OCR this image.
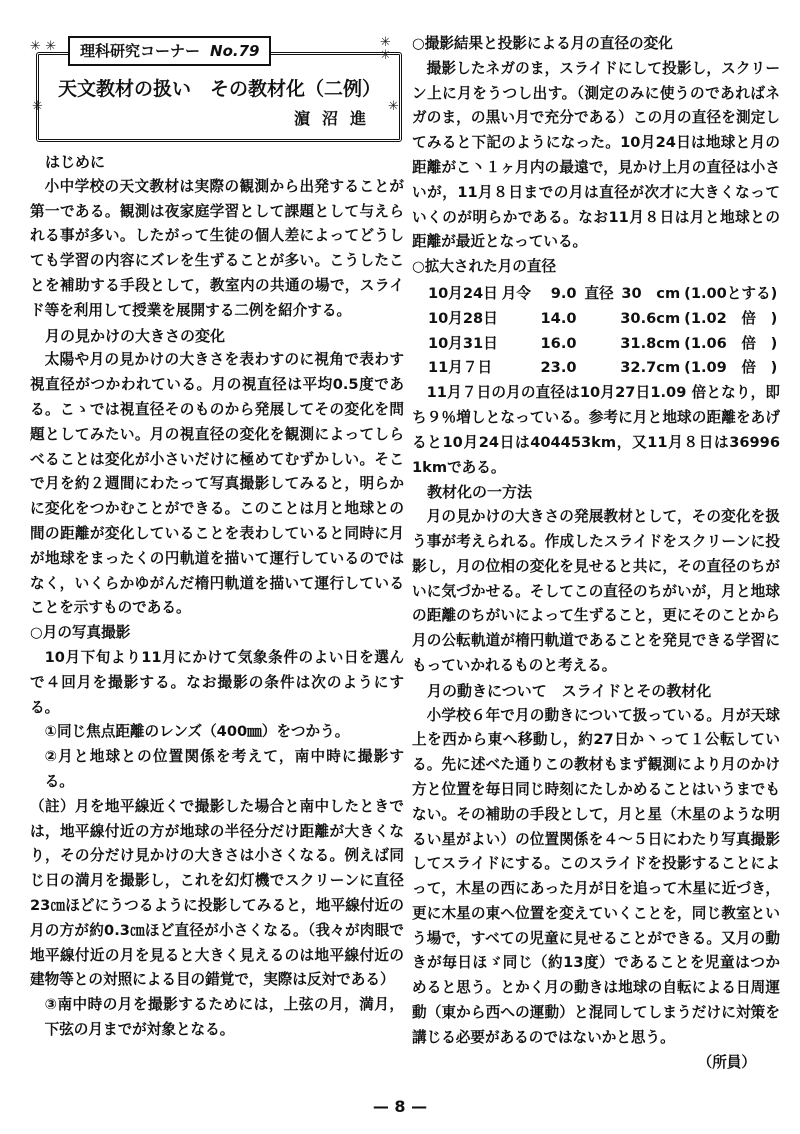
✳ ✳	✳ ✳
✳	✳
理科研究コーナー No.79
天文教材の扱い　その教材化（二例）
濵沼進

はじめに

小中学校の天文教材は実際の観測から出発することが第一である。観測は夜家庭学習として課題として与えられる事が多い。したがって生徒の個人差によってどうしても学習の内容にズレを生ずることが多い。こうしたことを補助する手段として，教室内の共通の場で，スライド等を利用して授業を展開する二例を紹介する。

月の見かけの大きさの変化

太陽や月の見かけの大きさを表わすのに視角で表わす視直径がつかわれている。月の視直径は平均0.5度である。こゝでは視直径そのものから発展してその変化を問題としてみたい。月の視直径の変化を観測によってしらべることは変化が小さいだけに極めてむずかしい。そこで月を約２週間にわたって写真撮影してみると，明らかに変化をつかむことができる。このことは月と地球との間の距離が変化していることを表わしていると同時に月が地球をまったくの円軌道を描いて運行しているのではなく，いくらかゆがんだ楕円軌道を描いて運行していることを示すものである。

○月の写真撮影

10月下旬より11月にかけて気象条件のよい日を選んで４回月を撮影する。なお撮影の条件は次のようにする。

①同じ焦点距離のレンズ（400㎜）をつかう。

②月と地球との位置関係を考えて，南中時に撮影する。

（註）月を地平線近くで撮影した場合と南中したときでは，地平線付近の方が地球の半径分だけ距離が大きくなり，その分だけ見かけの大きさは小さくなる。例えば同じ日の満月を撮影し，これを幻灯機でスクリーンに直径23㎝ほどにうつるように投影してみると，地平線付近の月の方が約0.3㎝ほど直径が小さくなる。（我々が肉眼で地平線付近の月を見ると大きく見えるのは地平線付近の建物等との対照による目の錯覚で，実際は反対である）

③南中時の月を撮影するためには，上弦の月，満月，下弦の月までが対象となる。

○撮影結果と投影による月の直径の変化

撮影したネガのま，スライドにして投影し，スクリーン上に月をうつし出す。（測定のみに使うのであればネガのま，の黒い月で充分である）この月の直径を測定してみると下記のようになった。10月24日は地球と月の距離がこ丶１ヶ月内の最遠で，見かけ上月の直径は小さいが，11月８日までの月は直径が次才に大きくなっていくのが明らかである。なお11月８日は月と地球との距離が最近となっている。

○拡大された月の直径

10月24日	月令	9.0	直径	30　cm	(1.00とする)
10月28日		14.0		30.6cm	(1.02　倍　)
10月31日		16.0		31.8cm	(1.06　倍　)
11月７日		23.0		32.7cm	(1.09　倍　)

11月７日の月の直径は10月27日1.09 倍となり，即ち９％増しとなっている。参考に月と地球の距離をあげると10月24日は404453km，又11月８日は369961kmである。

教材化の一方法

月の見かけの大きさの発展教材として，その変化を扱う事が考えられる。作成したスライドをスクリーンに投影し，月の位相の変化を見せると共に，その直径のちがいに気づかせる。そしてこの直径のちがいが，月と地球の距離のちがいによって生ずること，更にそのことから月の公転軌道が楕円軌道であることを発見できる学習にもっていかれるものと考える。

月の動きについて　スライドとその教材化

小学校６年で月の動きについて扱っている。月が天球上を西から東へ移動し，約27日か丶って１公転している。先に述べた通りこの教材もまず観測により月のかけ方と位置を毎日同じ時刻にたしかめることはいうまでもない。その補助の手段として，月と星（木星のような明るい星がよい）の位置関係を４～５日にわたり写真撮影してスライドにする。このスライドを投影することによって，木星の西にあった月が日を追って木星に近づき，更に木星の東へ位置を変えていくことを，同じ教室という場で，すべての児童に見せることができる。又月の動きが毎日ほゞ同じ（約13度）であることを児童はつかめると思う。とかく月の動きは地球の自転による日周運動（東から西への運動）と混同してしまうだけに対策を講じる必要があるのではないかと思う。

（所員）

— 8 —
